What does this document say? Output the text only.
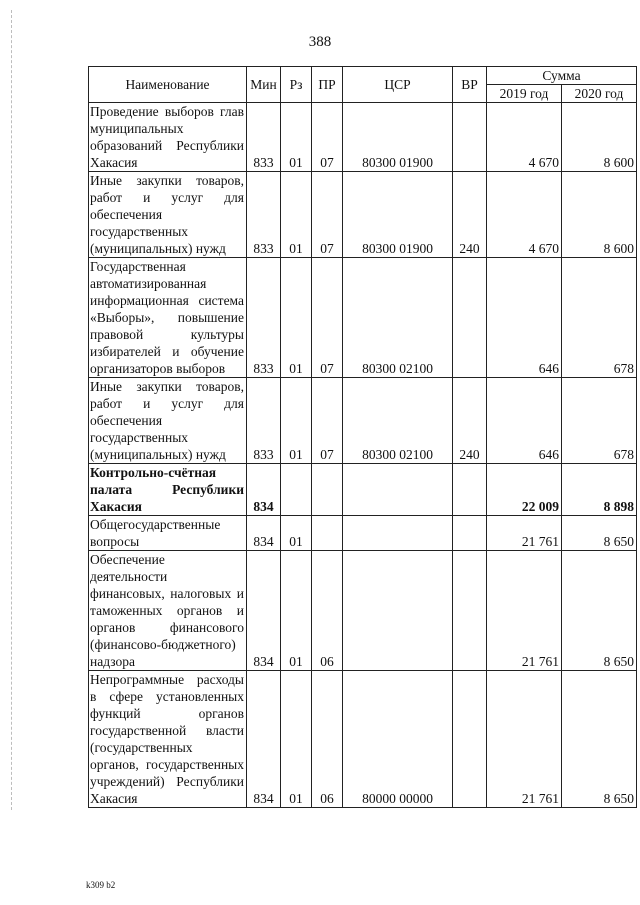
388
Наименование	Мин	Рз	ПР	ЦСР	ВР	Сумма	
						2019 год	2020 год
Проведение выборов глав муниципальных образований Республики Хакасия	833	01	07	80300 01900		4 670	8 600
Иные закупки товаров, работ и услуг для обеспечения государственных (муниципальных) нужд	833	01	07	80300 01900	240	4 670	8 600
Государственная автоматизированная информационная система «Выборы», повышение правовой культуры избирателей и обучение организаторов выборов	833	01	07	80300 02100		646	678
Иные закупки товаров, работ и услуг для обеспечения государственных (муниципальных) нужд	833	01	07	80300 02100	240	646	678
Контрольно-счётная палата Республики Хакасия	834					22 009	8 898
Общегосударственные вопросы	834	01				21 761	8 650
Обеспечение деятельности финансовых, налоговых и таможенных органов и органов финансового (финансово-бюджетного) надзора	834	01	06			21 761	8 650
Непрограммные расходы в сфере установленных функций органов государственной власти (государственных органов, государственных учреждений) Республики Хакасия	834	01	06	80000 00000		21 761	8 650
k309 b2
